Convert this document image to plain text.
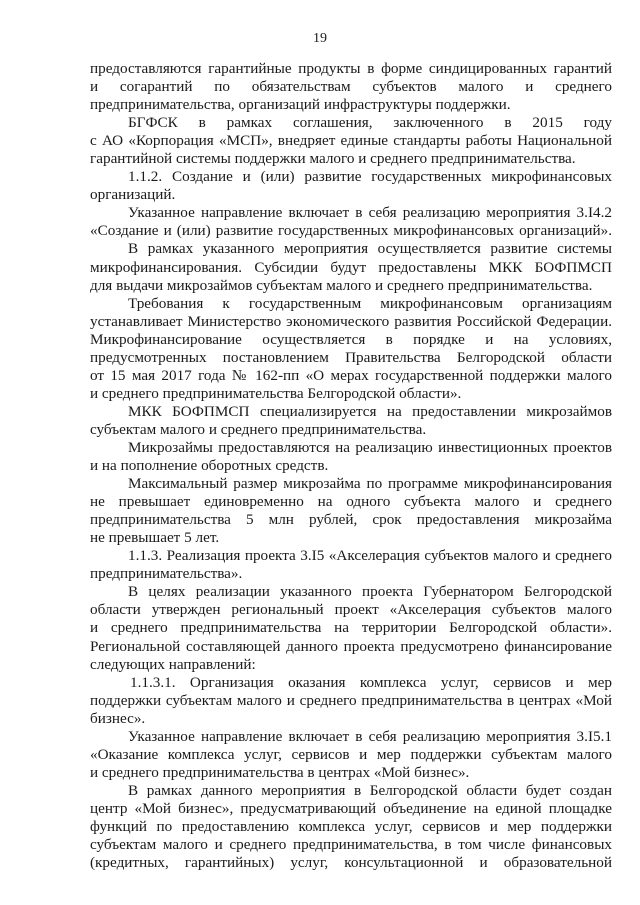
19
предоставляются гарантийные продукты в форме синдицированных гарантий
и согарантий по обязательствам субъектов малого и среднего
предпринимательства, организаций инфраструктуры поддержки.
БГФСК в рамках соглашения, заключенного в 2015 году
с АО «Корпорация «МСП», внедряет единые стандарты работы Национальной
гарантийной системы поддержки малого и среднего предпринимательства.
1.1.2. Создание и (или) развитие государственных микрофинансовых
организаций.
Указанное направление включает в себя реализацию мероприятия 3.I4.2
«Создание и (или) развитие государственных микрофинансовых организаций».
В рамках указанного мероприятия осуществляется развитие системы
микрофинансирования. Субсидии будут предоставлены МКК БОФПМСП
для выдачи микрозаймов субъектам малого и среднего предпринимательства.
Требования к государственным микрофинансовым организациям
устанавливает Министерство экономического развития Российской Федерации.
Микрофинансирование осуществляется в порядке и на условиях,
предусмотренных постановлением Правительства Белгородской области
от 15 мая 2017 года № 162-пп «О мерах государственной поддержки малого
и среднего предпринимательства Белгородской области».
МКК БОФПМСП специализируется на предоставлении микрозаймов
субъектам малого и среднего предпринимательства.
Микрозаймы предоставляются на реализацию инвестиционных проектов
и на пополнение оборотных средств.
Максимальный размер микрозайма по программе микрофинансирования
не превышает единовременно на одного субъекта малого и среднего
предпринимательства 5 млн рублей, срок предоставления микрозайма
не превышает 5 лет.
1.1.3. Реализация проекта 3.I5 «Акселерация субъектов малого и среднего
предпринимательства».
В целях реализации указанного проекта Губернатором Белгородской
области утвержден региональный проект «Акселерация субъектов малого
и среднего предпринимательства на территории Белгородской области».
Региональной составляющей данного проекта предусмотрено финансирование
следующих направлений:
1.1.3.1. Организация оказания комплекса услуг, сервисов и мер
поддержки субъектам малого и среднего предпринимательства в центрах «Мой
бизнес».
Указанное направление включает в себя реализацию мероприятия 3.I5.1
«Оказание комплекса услуг, сервисов и мер поддержки субъектам малого
и среднего предпринимательства в центрах «Мой бизнес».
В рамках данного мероприятия в Белгородской области будет создан
центр «Мой бизнес», предусматривающий объединение на единой площадке
функций по предоставлению комплекса услуг, сервисов и мер поддержки
субъектам малого и среднего предпринимательства, в том числе финансовых
(кредитных, гарантийных) услуг, консультационной и образовательной
